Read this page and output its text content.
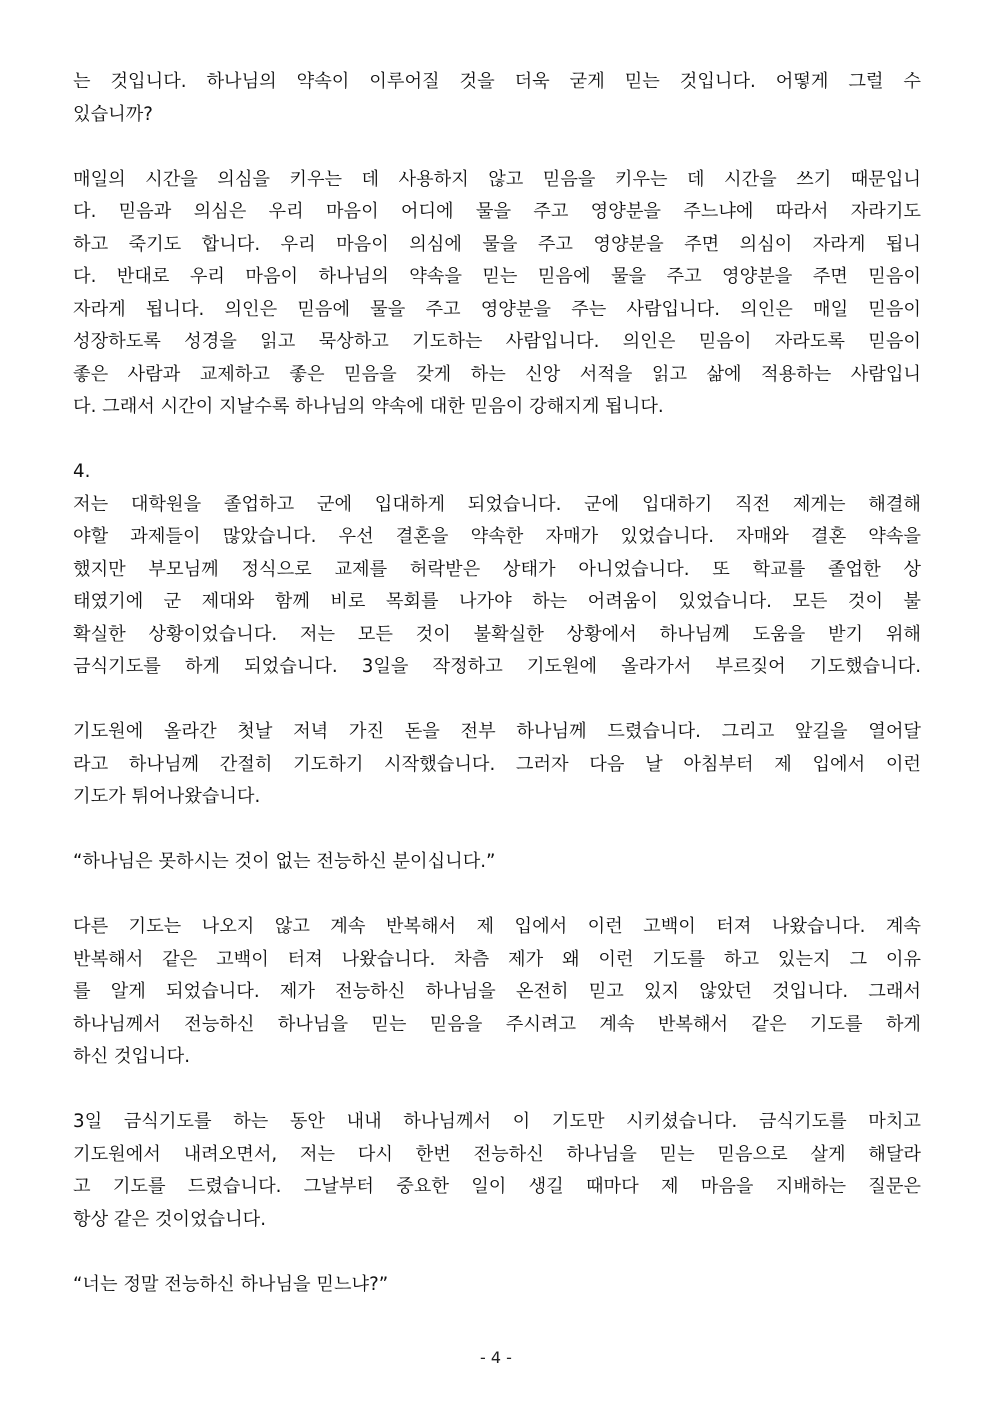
는 것입니다. 하나님의 약속이 이루어질 것을 더욱 굳게 믿는 것입니다. 어떻게 그럴 수
있습니까?
매일의 시간을 의심을 키우는 데 사용하지 않고 믿음을 키우는 데 시간을 쓰기 때문입니
다. 믿음과 의심은 우리 마음이 어디에 물을 주고 영양분을 주느냐에 따라서 자라기도
하고 죽기도 합니다. 우리 마음이 의심에 물을 주고 영양분을 주면 의심이 자라게 됩니
다. 반대로 우리 마음이 하나님의 약속을 믿는 믿음에 물을 주고 영양분을 주면 믿음이
자라게 됩니다. 의인은 믿음에 물을 주고 영양분을 주는 사람입니다. 의인은 매일 믿음이
성장하도록 성경을 읽고 묵상하고 기도하는 사람입니다. 의인은 믿음이 자라도록 믿음이
좋은 사람과 교제하고 좋은 믿음을 갖게 하는 신앙 서적을 읽고 삶에 적용하는 사람입니
다. 그래서 시간이 지날수록 하나님의 약속에 대한 믿음이 강해지게 됩니다.
4.
저는 대학원을 졸업하고 군에 입대하게 되었습니다. 군에 입대하기 직전 제게는 해결해
야할 과제들이 많았습니다. 우선 결혼을 약속한 자매가 있었습니다. 자매와 결혼 약속을
했지만 부모님께 정식으로 교제를 허락받은 상태가 아니었습니다. 또 학교를 졸업한 상
태였기에 군 제대와 함께 비로 목회를 나가야 하는 어려움이 있었습니다. 모든 것이 불
확실한 상황이었습니다. 저는 모든 것이 불확실한 상황에서 하나님께 도움을 받기 위해
금식기도를 하게 되었습니다. 3일을 작정하고 기도원에 올라가서 부르짖어 기도했습니다.
기도원에 올라간 첫날 저녁 가진 돈을 전부 하나님께 드렸습니다. 그리고 앞길을 열어달
라고 하나님께 간절히 기도하기 시작했습니다. 그러자 다음 날 아침부터 제 입에서 이런
기도가 튀어나왔습니다.
“하나님은 못하시는 것이 없는 전능하신 분이십니다.”
다른 기도는 나오지 않고 계속 반복해서 제 입에서 이런 고백이 터져 나왔습니다. 계속
반복해서 같은 고백이 터져 나왔습니다. 차츰 제가 왜 이런 기도를 하고 있는지 그 이유
를 알게 되었습니다. 제가 전능하신 하나님을 온전히 믿고 있지 않았던 것입니다. 그래서
하나님께서 전능하신 하나님을 믿는 믿음을 주시려고 계속 반복해서 같은 기도를 하게
하신 것입니다.
3일 금식기도를 하는 동안 내내 하나님께서 이 기도만 시키셨습니다. 금식기도를 마치고
기도원에서 내려오면서, 저는 다시 한번 전능하신 하나님을 믿는 믿음으로 살게 해달라
고 기도를 드렸습니다. 그날부터 중요한 일이 생길 때마다 제 마음을 지배하는 질문은
항상 같은 것이었습니다.
“너는 정말 전능하신 하나님을 믿느냐?”
- 4 -
